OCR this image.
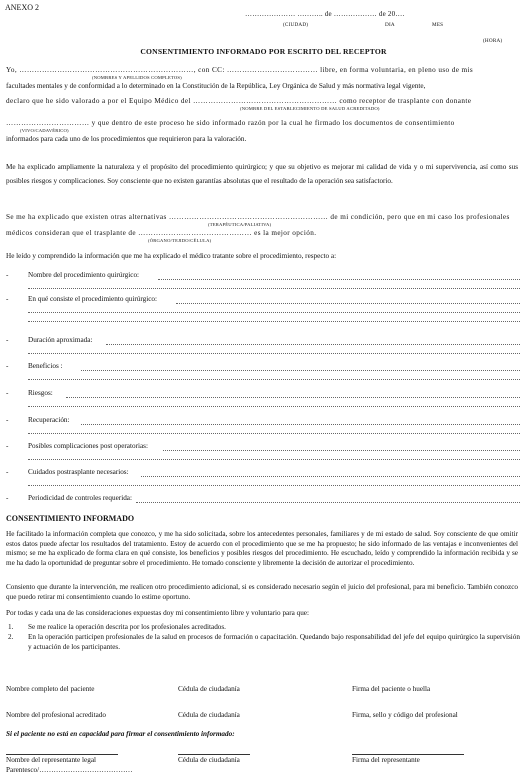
ANEXO 2
………………… ……….. de ……………… de 20….
(CIUDAD)	DIA	MES
(HORA)
CONSENTIMIENTO INFORMADO POR ESCRITO DEL RECEPTOR
Yo, ……………………………………………………………, con CC: ……………………………… libre, en forma voluntaria, en pleno uso de mis
(NOMBRES Y APELLIDOS COMPLETOS)
facultades mentales y de conformidad a lo determinado en la Constitución de la República, Ley Orgánica de Salud y más normativa legal vigente,
declaro que he sido valorado a por el Equipo Médico del ………………………………………………… como receptor de trasplante con donante
(NOMBRE DEL ESTABLECIMIENTO DE SALUD ACREDITADO)
…………………………… y que dentro de este proceso he sido informado razón por la cual he firmado los documentos de consentimiento
(VIVO/CADAVÉRICO)
informados para cada uno de los procedimientos que requirieron para la valoración.
Me ha explicado ampliamente la naturaleza y el propósito del procedimiento quirúrgico; y que su objetivo es mejorar mi calidad de vida y o mi supervivencia, así como sus posibles riesgos y complicaciones. Soy consciente que no existen garantías absolutas que el resultado de la operación sea satisfactorio.
Se me ha explicado que existen otras alternativas ……………………………………………………… de mi condición, pero que en mi caso los profesionales
(TERAPÉUTICA/PALIATIVA)
médicos consideran que el trasplante de ……………………………………… es la mejor opción.
(ÓRGANO/TEJIDO/CÉLULA)
He leído y comprendido la información que me ha explicado el médico tratante sobre el procedimiento, respecto a:
-	Nombre del procedimiento quirúrgico:
-	En qué consiste el procedimiento quirúrgico:
-	Duración aproximada:
-	Beneficios :
-	Riesgos:
-	Recuperación:
-	Posibles complicaciones post operatorias:
-	Cuidados postrasplante necesarios:
-	Periodicidad de controles requerida:
CONSENTIMIENTO INFORMADO
He facilitado la información completa que conozco, y me ha sido solicitada, sobre los antecedentes personales, familiares y de mi estado de salud. Soy consciente de que omitir estos datos puede afectar los resultados del tratamiento. Estoy de acuerdo con el procedimiento que se me ha propuesto; he sido informado de las ventajas e inconvenientes del mismo; se me ha explicado de forma clara en qué consiste, los beneficios y posibles riesgos del procedimiento. He escuchado, leído y comprendido la información recibida y se me ha dado la oportunidad de preguntar sobre el procedimiento. He tomado consciente y libremente la decisión de autorizar el procedimiento.
Consiento que durante la intervención, me realicen otro procedimiento adicional, si es considerado necesario según el juicio del profesional, para mi beneficio. También conozco que puedo retirar mi consentimiento cuando lo estime oportuno.
Por todas y cada una de las consideraciones expuestas doy mi consentimiento libre y voluntario para que:
1. Se me realice la operación descrita por los profesionales acreditados.
2. En la operación participen profesionales de la salud en procesos de formación o capacitación. Quedando bajo responsabilidad del jefe del equipo quirúrgico la supervisión y actuación de los participantes.
Nombre completo del paciente	Cédula de ciudadanía	Firma del paciente o huella
Nombre del profesional acreditado	Cédula de ciudadanía	Firma, sello y código del profesional
Si el paciente no está en capacidad para firmar el consentimiento informado:
Nombre del representante legal
Parentesco/…………………………………
Cédula de ciudadanía	Firma del representante
